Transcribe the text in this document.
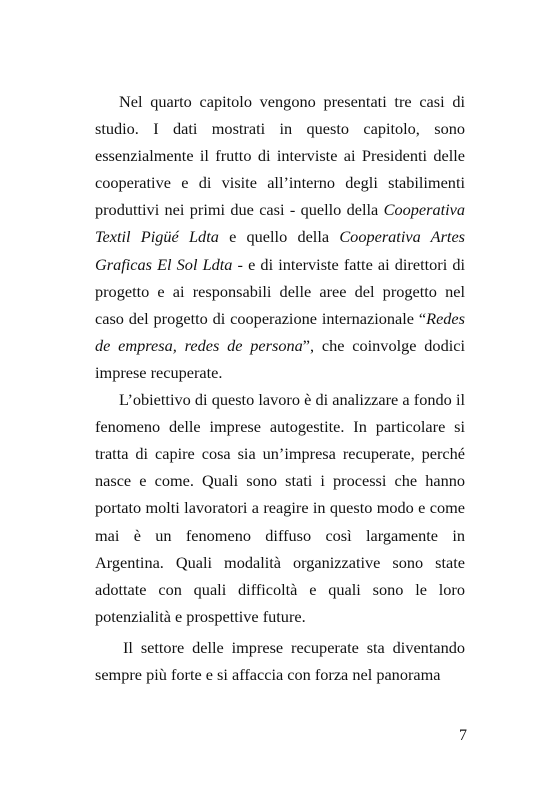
Nel quarto capitolo vengono presentati tre casi di studio. I dati mostrati in questo capitolo, sono essenzialmente il frutto di interviste ai Presidenti delle cooperative e di visite all’interno degli stabilimenti produttivi nei primi due casi - quello della Cooperativa Textil Pigüé Ldta e quello della Cooperativa Artes Graficas El Sol Ldta - e di interviste fatte ai direttori di progetto e ai responsabili delle aree del progetto nel caso del progetto di cooperazione internazionale “Redes de empresa, redes de persona”, che coinvolge dodici imprese recuperate.

L’obiettivo di questo lavoro è di analizzare a fondo il fenomeno delle imprese autogestite. In particolare si tratta di capire cosa sia un’impresa recuperate, perché nasce e come. Quali sono stati i processi che hanno portato molti lavoratori a reagire in questo modo e come mai è un fenomeno diffuso così largamente in Argentina. Quali modalità organizzative sono state adottate con quali difficoltà e quali sono le loro potenzialità e prospettive future.

Il settore delle imprese recuperate sta diventando sempre più forte e si affaccia con forza nel panorama

7
